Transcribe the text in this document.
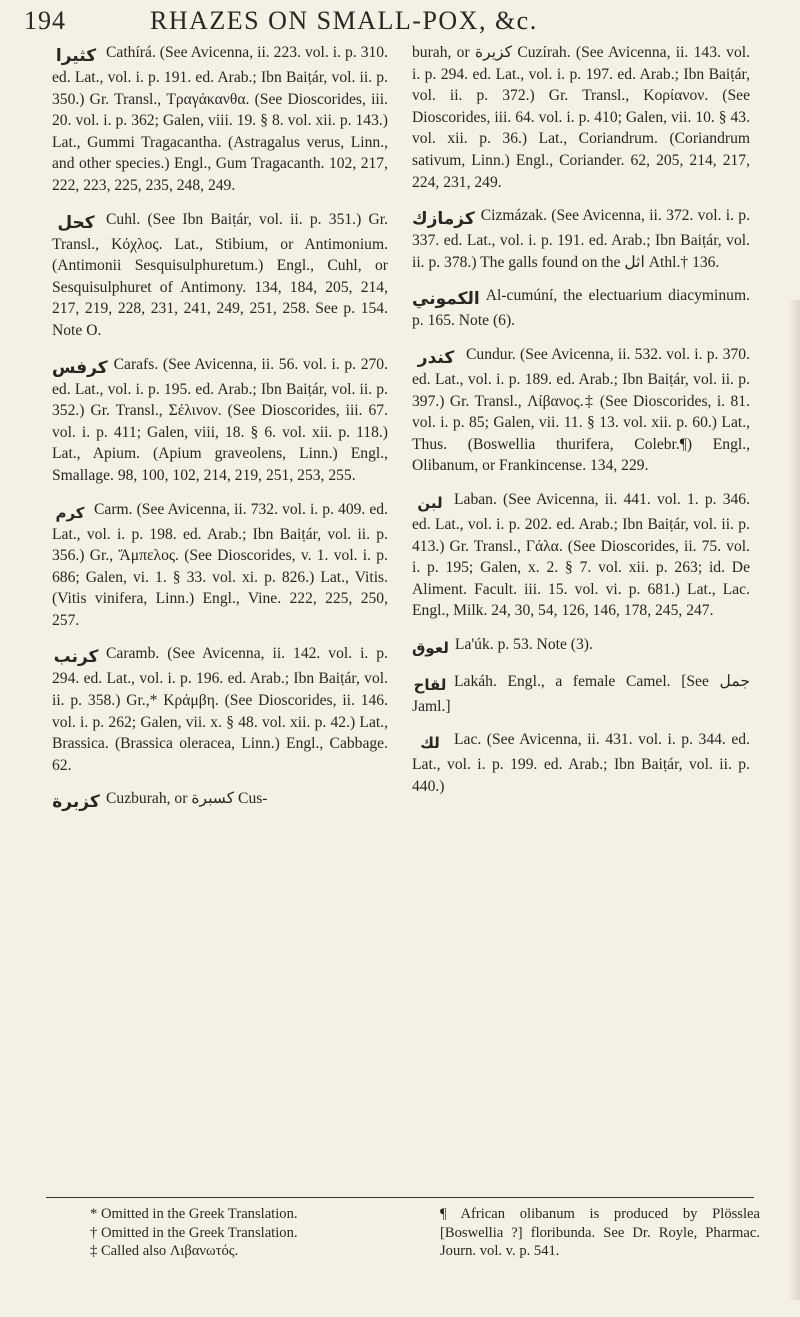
194	RHAZES ON SMALL-POX, &c.

كثيرا Cathírá. (See Avicenna, ii. 223. vol. i. p. 310. ed. Lat., vol. i. p. 191. ed. Arab.; Ibn Baiṭár, vol. ii. p. 350.) Gr. Transl., Τραγάκανθα. (See Dioscorides, iii. 20. vol. i. p. 362; Galen, viii. 19. § 8. vol. xii. p. 143.) Lat., Gummi Tragacantha. (Astragalus verus, Linn., and other species.) Engl., Gum Tragacanth. 102, 217, 222, 223, 225, 235, 248, 249.

كحل Cuhl. (See Ibn Baiṭár, vol. ii. p. 351.) Gr. Transl., Κόχλος. Lat., Stibium, or Antimonium. (Antimonii Sesquisulphuretum.) Engl., Cuhl, or Sesquisulphuret of Antimony. 134, 184, 205, 214, 217, 219, 228, 231, 241, 249, 251, 258. See p. 154. Note O.

كرفس Carafs. (See Avicenna, ii. 56. vol. i. p. 270. ed. Lat., vol. i. p. 195. ed. Arab.; Ibn Baiṭár, vol. ii. p. 352.) Gr. Transl., Σέλινον. (See Dioscorides, iii. 67. vol. i. p. 411; Galen, viii, 18. § 6. vol. xii. p. 118.) Lat., Apium. (Apium graveolens, Linn.) Engl., Smallage. 98, 100, 102, 214, 219, 251, 253, 255.

كرم Carm. (See Avicenna, ii. 732. vol. i. p. 409. ed. Lat., vol. i. p. 198. ed. Arab.; Ibn Baiṭár, vol. ii. p. 356.) Gr., Ἄμπελος. (See Dioscorides, v. 1. vol. i. p. 686; Galen, vi. 1. § 33. vol. xi. p. 826.) Lat., Vitis. (Vitis vinifera, Linn.) Engl., Vine. 222, 225, 250, 257.

كرنب Caramb. (See Avicenna, ii. 142. vol. i. p. 294. ed. Lat., vol. i. p. 196. ed. Arab.; Ibn Baiṭár, vol. ii. p. 358.) Gr.,* Κράμβη. (See Dioscorides, ii. 146. vol. i. p. 262; Galen, vii. x. § 48. vol. xii. p. 42.) Lat., Brassica. (Brassica oleracea, Linn.) Engl., Cabbage. 62.

كزبرة Cuzburah, or كسبرة Cus-

burah, or كزيرة Cuzírah. (See Avicenna, ii. 143. vol. i. p. 294. ed. Lat., vol. i. p. 197. ed. Arab.; Ibn Baiṭár, vol. ii. p. 372.) Gr. Transl., Κορίανον. (See Dioscorides, iii. 64. vol. i. p. 410; Galen, vii. 10. § 43. vol. xii. p. 36.) Lat., Coriandrum. (Coriandrum sativum, Linn.) Engl., Coriander. 62, 205, 214, 217, 224, 231, 249.

كزمازك Cizmázak. (See Avicenna, ii. 372. vol. i. p. 337. ed. Lat., vol. i. p. 191. ed. Arab.; Ibn Baiṭár, vol. ii. p. 378.) The galls found on the اثل Athl.† 136.

الكموني Al-cumúní, the electuarium diacyminum. p. 165. Note (6).

كندر Cundur. (See Avicenna, ii. 532. vol. i. p. 370. ed. Lat., vol. i. p. 189. ed. Arab.; Ibn Baiṭár, vol. ii. p. 397.) Gr. Transl., Λίβανος.‡ (See Dioscorides, i. 81. vol. i. p. 85; Galen, vii. 11. § 13. vol. xii. p. 60.) Lat., Thus. (Boswellia thurifera, Colebr.¶) Engl., Olibanum, or Frankincense. 134, 229.

لبن Laban. (See Avicenna, ii. 441. vol. 1. p. 346. ed. Lat., vol. i. p. 202. ed. Arab.; Ibn Baiṭár, vol. ii. p. 413.) Gr. Transl., Γάλα. (See Dioscorides, ii. 75. vol. i. p. 195; Galen, x. 2. § 7. vol. xii. p. 263; id. De Aliment. Facult. iii. 15. vol. vi. p. 681.) Lat., Lac. Engl., Milk. 24, 30, 54, 126, 146, 178, 245, 247.

لعوق La'úk. p. 53. Note (3).

لقاح Lakáh. Engl., a female Camel. [See جمل Jaml.]

لك Lac. (See Avicenna, ii. 431. vol. i. p. 344. ed. Lat., vol. i. p. 199. ed. Arab.; Ibn Baiṭár, vol. ii. p. 440.)

* Omitted in the Greek Translation.

† Omitted in the Greek Translation.

‡ Called also Λιβανωτός.

¶ African olibanum is produced by Plösslea [Boswellia ?] floribunda. See Dr. Royle, Pharmac. Journ. vol. v. p. 541.
